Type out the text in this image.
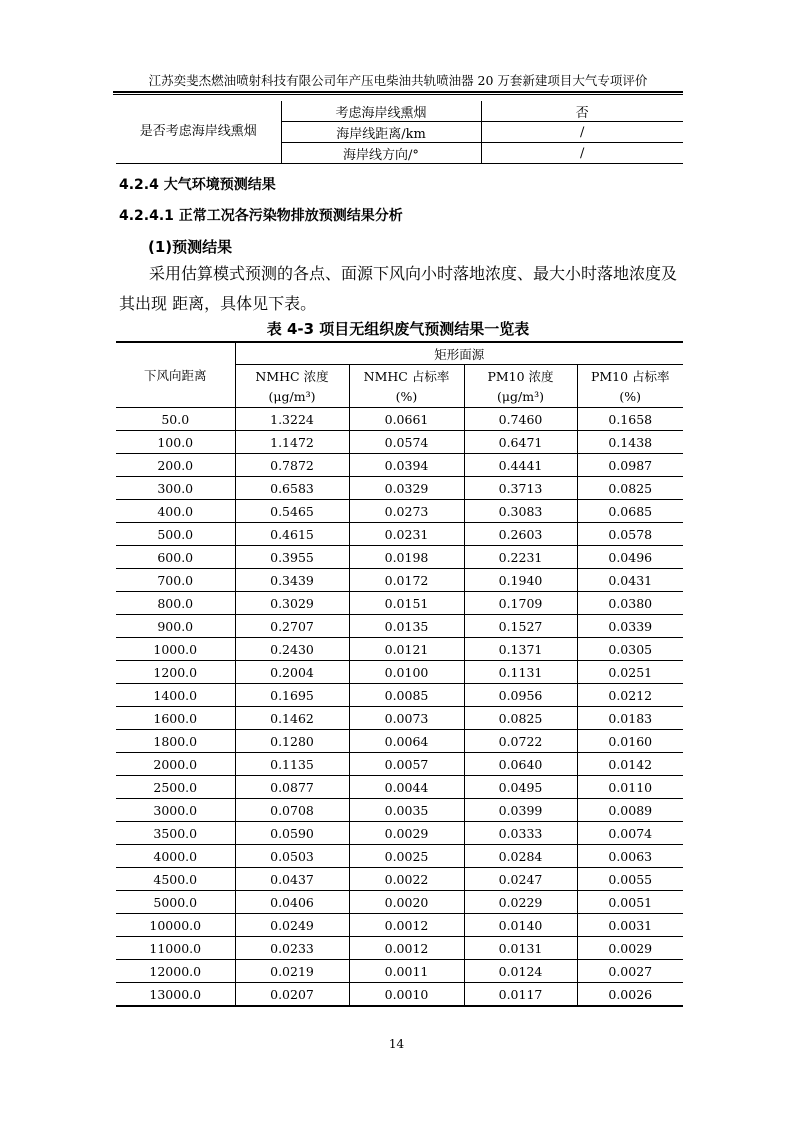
江苏奕斐杰燃油喷射科技有限公司年产压电柴油共轨喷油器 20 万套新建项目大气专项评价
是否考虑海岸线熏烟	考虑海岸线熏烟	否
	海岸线距离/km	/
	海岸线方向/°	/
4.2.4 大气环境预测结果
4.2.4.1 正常工况各污染物排放预测结果分析
(1)预测结果
采用估算模式预测的各点、面源下风向小时落地浓度、最大小时落地浓度及
其出现 距离，具体见下表。
表 4-3 项目无组织废气预测结果一览表
下风向距离	矩形面源			
	NMHC 浓度	NMHC 占标率	PM10 浓度	PM10 占标率
	(μg/m³)	(%)	(μg/m³)	(%)
50.0	1.3224	0.0661	0.7460	0.1658
100.0	1.1472	0.0574	0.6471	0.1438
200.0	0.7872	0.0394	0.4441	0.0987
300.0	0.6583	0.0329	0.3713	0.0825
400.0	0.5465	0.0273	0.3083	0.0685
500.0	0.4615	0.0231	0.2603	0.0578
600.0	0.3955	0.0198	0.2231	0.0496
700.0	0.3439	0.0172	0.1940	0.0431
800.0	0.3029	0.0151	0.1709	0.0380
900.0	0.2707	0.0135	0.1527	0.0339
1000.0	0.2430	0.0121	0.1371	0.0305
1200.0	0.2004	0.0100	0.1131	0.0251
1400.0	0.1695	0.0085	0.0956	0.0212
1600.0	0.1462	0.0073	0.0825	0.0183
1800.0	0.1280	0.0064	0.0722	0.0160
2000.0	0.1135	0.0057	0.0640	0.0142
2500.0	0.0877	0.0044	0.0495	0.0110
3000.0	0.0708	0.0035	0.0399	0.0089
3500.0	0.0590	0.0029	0.0333	0.0074
4000.0	0.0503	0.0025	0.0284	0.0063
4500.0	0.0437	0.0022	0.0247	0.0055
5000.0	0.0406	0.0020	0.0229	0.0051
10000.0	0.0249	0.0012	0.0140	0.0031
11000.0	0.0233	0.0012	0.0131	0.0029
12000.0	0.0219	0.0011	0.0124	0.0027
13000.0	0.0207	0.0010	0.0117	0.0026
14
